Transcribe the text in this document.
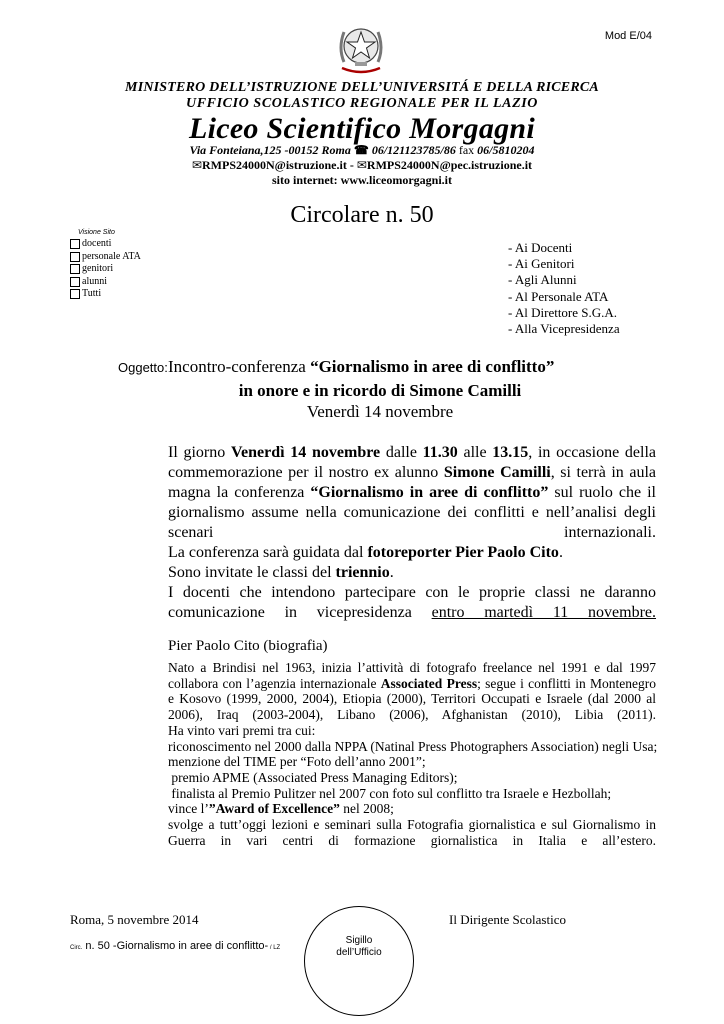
Mod E/04
MINISTERO DELL’ISTRUZIONE DELL’UNIVERSITÁ E DELLA RICERCA
UFFICIO SCOLASTICO REGIONALE PER IL LAZIO
Liceo Scientifico Morgagni
Via Fonteiana,125 -00152 Roma ☎ 06/121123785/86 fax 06/5810204
✉RMPS24000N@istruzione.it - ✉RMPS24000N@pec.istruzione.it
sito internet: www.liceomorgagni.it
Circolare n. 50
Visione Sito
docenti
personale ATA
genitori
alunni
Tutti
- Ai Docenti
- Ai Genitori
- Agli Alunni
- Al Personale ATA
- Al Direttore S.G.A.
- Alla Vicepresidenza
Oggetto: Incontro-conferenza “Giornalismo in aree di conflitto”
in onore e in ricordo di Simone Camilli
Venerdì 14 novembre
Il giorno Venerdì 14 novembre dalle 11.30 alle 13.15, in occasione della commemorazione per il nostro ex alunno Simone Camilli, si terrà in aula magna la conferenza “Giornalismo in aree di conflitto” sul ruolo che il giornalismo assume nella comunicazione dei conflitti e nell’analisi degli scenari internazionali.
La conferenza sarà guidata dal fotoreporter Pier Paolo Cito.
Sono invitate le classi del triennio.
I docenti che intendono partecipare con le proprie classi ne daranno comunicazione in vicepresidenza entro martedì 11 novembre.
Pier Paolo Cito (biografia)

Nato a Brindisi nel 1963, inizia l’attività di fotografo freelance nel 1991 e dal 1997 collabora con l’agenzia internazionale Associated Press; segue i conflitti in Montenegro e Kosovo (1999, 2000, 2004), Etiopia (2000), Territori Occupati e Israele (dal 2000 al 2006), Iraq (2003-2004), Libano (2006), Afghanistan (2010), Libia (2011).

Ha vinto vari premi tra cui:
riconoscimento nel 2000 dalla NPPA (Natinal Press Photographers Association) negli Usa;
menzione del TIME per “Foto dell’anno 2001”;
premio APME (Associated Press Managing Editors);
finalista al Premio Pulitzer nel 2007 con foto sul conflitto tra Israele e Hezbollah;

vince l’”Award of Excellence” nel 2008;

svolge a tutt’oggi lezioni e seminari sulla Fotografia giornalistica e sul Giornalismo in Guerra in vari centri di formazione giornalistica in Italia e all’estero.

Roma, 5 novembre 2014	Il Dirigente Scolastico
Sigillo
dell’Ufficio
Circ. n. 50 -Giornalismo in aree di conflitto- / LZ
